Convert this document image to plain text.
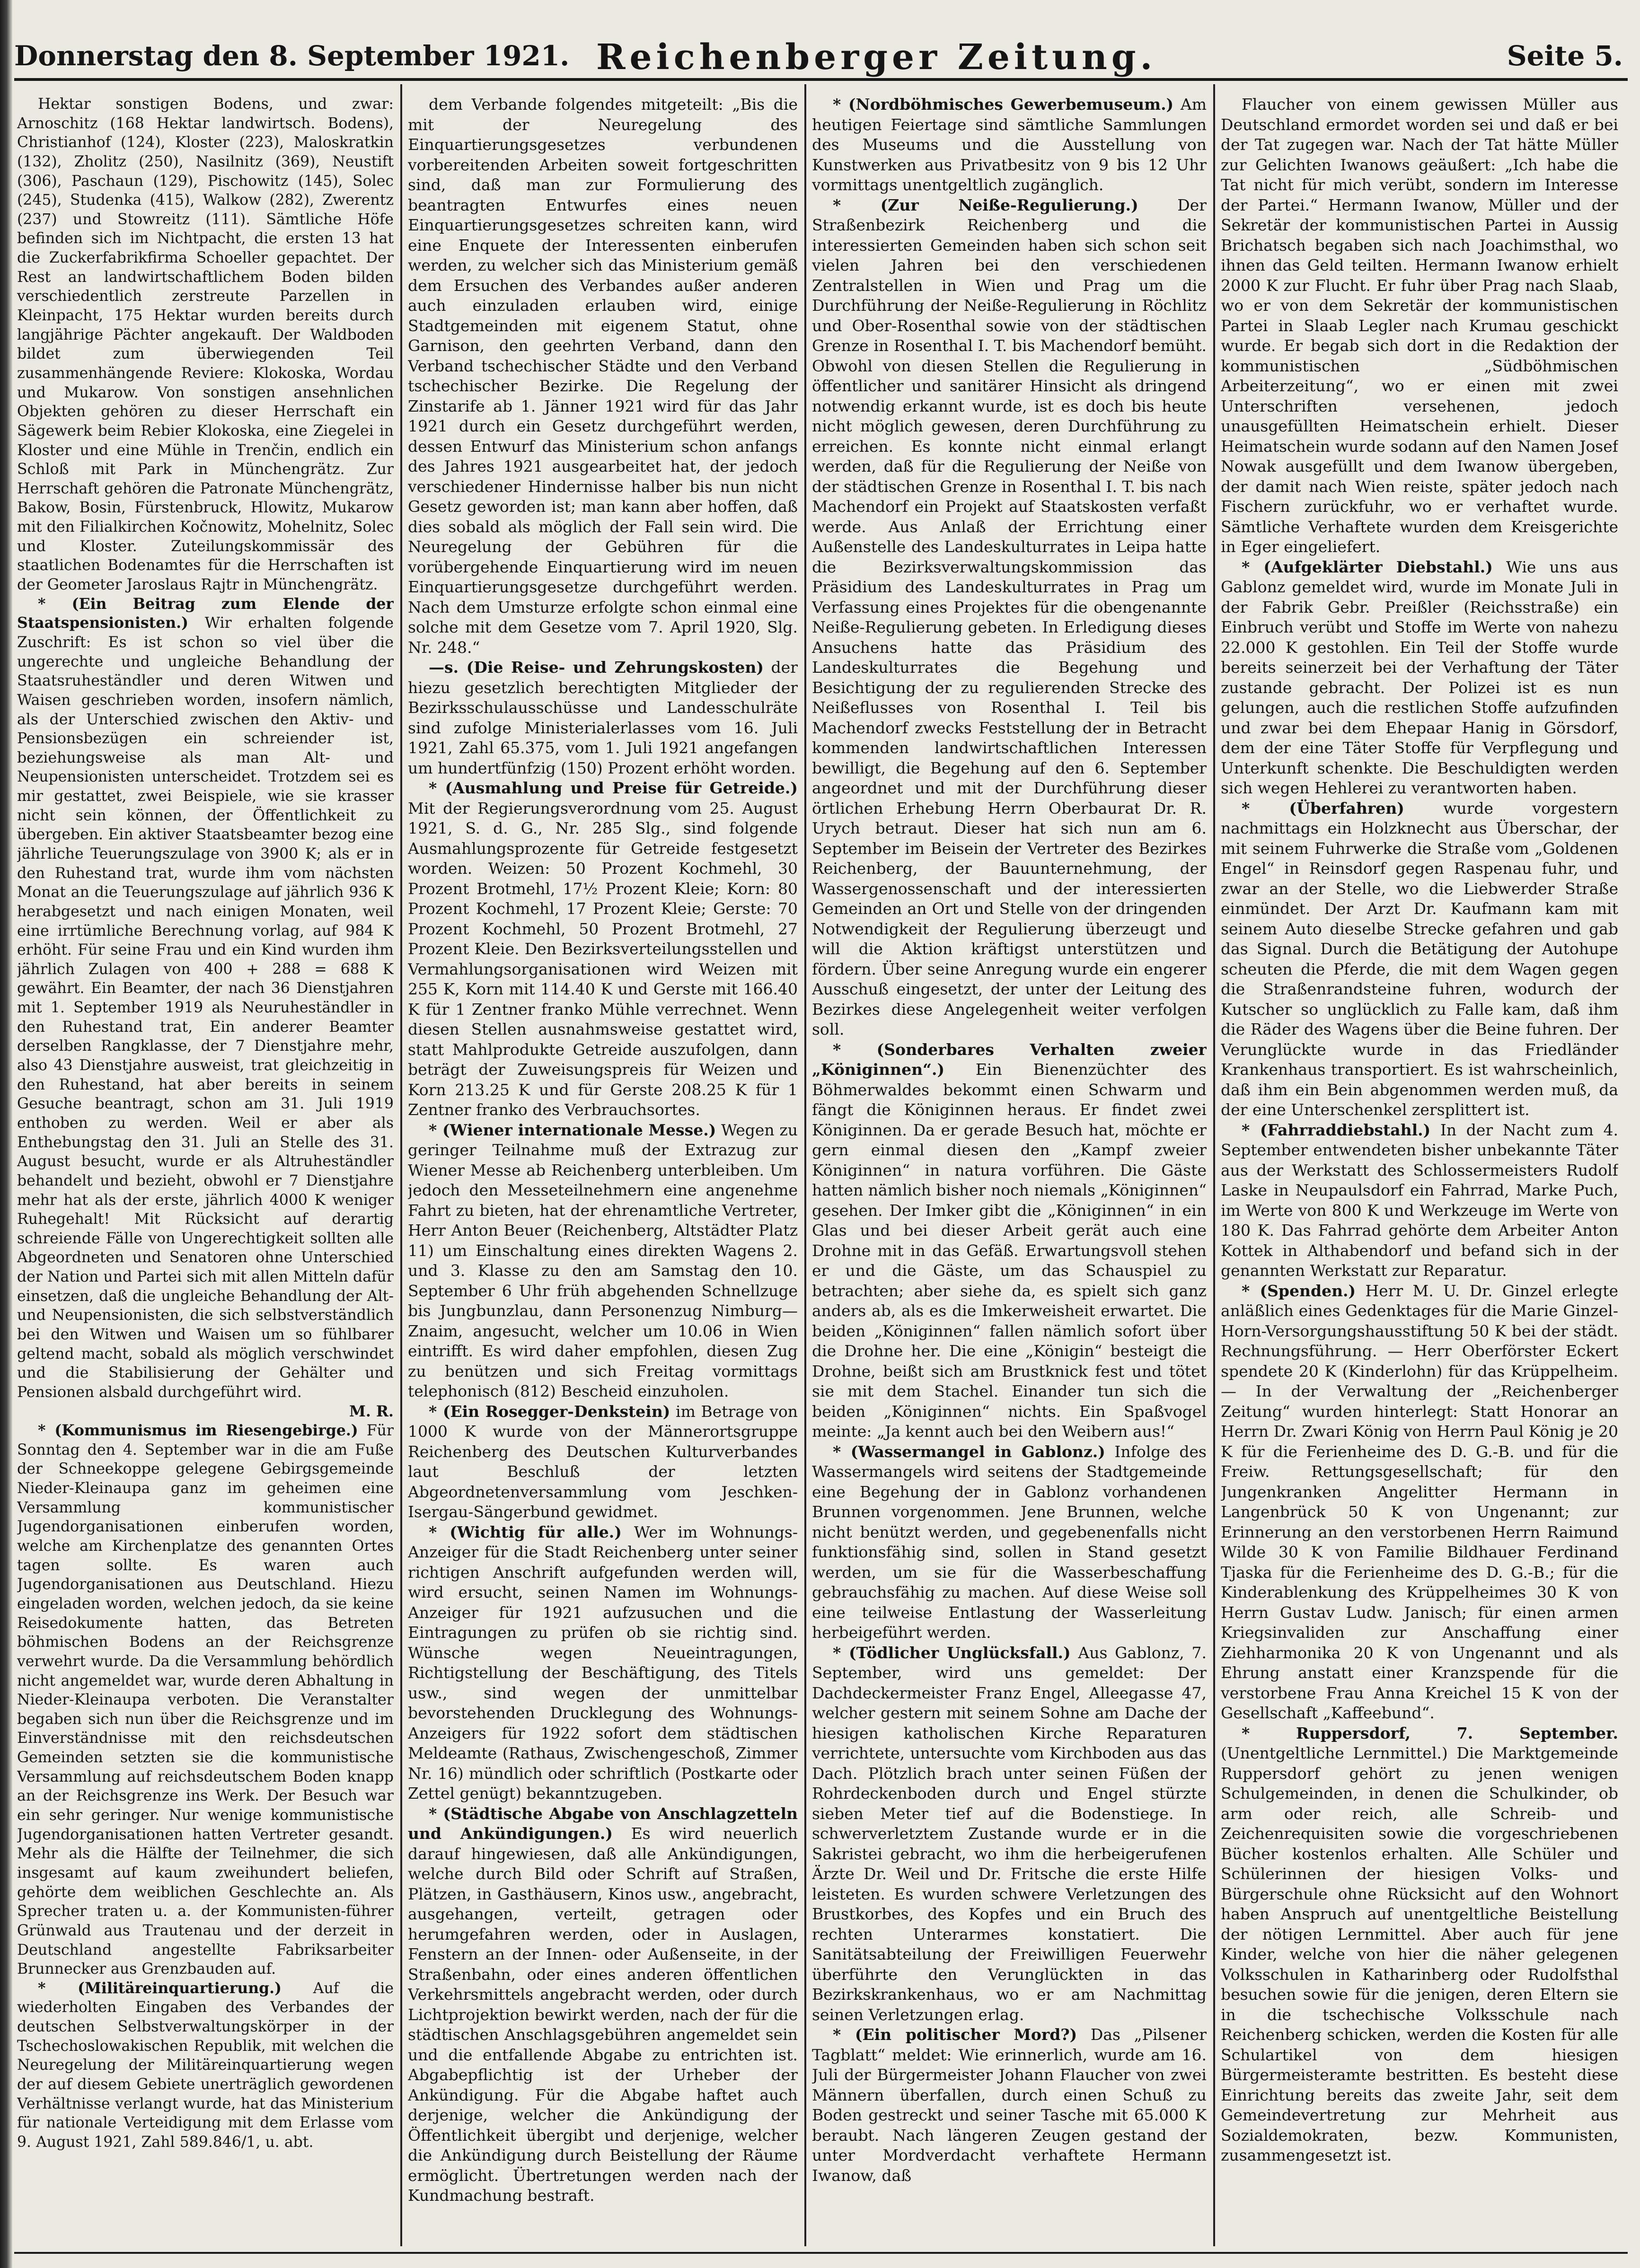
Donnerstag den 8. September 1921. Reichenberger Zeitung.	Seite 5.

Hektar sonstigen Bodens, und zwar: Arnoschitz (168 Hektar landwirtsch. Bodens), Christianhof (124), Kloster (223), Maloskratkin (132), Zholitz (250), Nasilnitz (369), Neustift (306), Paschaun (129), Pischowitz (145), Solec (245), Studenka (415), Walkow (282), Zwerentz (237) und Stowreitz (111). Sämtliche Höfe befinden sich im Nichtpacht, die ersten 13 hat die Zuckerfabrikfirma Schoeller gepachtet. Der Rest an landwirtschaftlichem Boden bilden verschiedentlich zerstreute Parzellen in Kleinpacht, 175 Hektar wurden bereits durch langjährige Pächter angekauft. Der Waldboden bildet zum überwiegenden Teil zusammenhängende Reviere: Klokoska, Wordau und Mukarow. Von sonstigen ansehnlichen Objekten gehören zu dieser Herrschaft ein Sägewerk beim Rebier Klokoska, eine Ziegelei in Kloster und eine Mühle in Trenčin, endlich ein Schloß mit Park in Münchengrätz. Zur Herrschaft gehören die Patronate Münchengrätz, Bakow, Bosin, Fürstenbruck, Hlowitz, Mukarow mit den Filialkirchen Kočnowitz, Mohelnitz, Solec und Kloster. Zuteilungskommissär des staatlichen Bodenamtes für die Herrschaften ist der Geometer Jaroslaus Rajtr in Münchengrätz.

* (Ein Beitrag zum Elende der Staatspensionisten.) Wir erhalten folgende Zuschrift: Es ist schon so viel über die ungerechte und ungleiche Behandlung der Staatsruheständler und deren Witwen und Waisen geschrieben worden, insofern nämlich, als der Unterschied zwischen den Aktiv- und Pensionsbezügen ein schreiender ist, beziehungsweise als man Alt- und Neupensionisten unterscheidet. Trotzdem sei es mir gestattet, zwei Beispiele, wie sie krasser nicht sein können, der Öffentlichkeit zu übergeben. Ein aktiver Staatsbeamter bezog eine jährliche Teuerungszulage von 3900 K; als er in den Ruhestand trat, wurde ihm vom nächsten Monat an die Teuerungszulage auf jährlich 936 K herabgesetzt und nach einigen Monaten, weil eine irrtümliche Berechnung vorlag, auf 984 K erhöht. Für seine Frau und ein Kind wurden ihm jährlich Zulagen von 400 + 288 = 688 K gewährt. Ein Beamter, der nach 36 Dienstjahren mit 1. September 1919 als Neuruheständler in den Ruhestand trat, Ein anderer Beamter derselben Rangklasse, der 7 Dienstjahre mehr, also 43 Dienstjahre ausweist, trat gleichzeitig in den Ruhestand, hat aber bereits in seinem Gesuche beantragt, schon am 31. Juli 1919 enthoben zu werden. Weil er aber als Enthebungstag den 31. Juli an Stelle des 31. August besucht, wurde er als Altruheständler behandelt und bezieht, obwohl er 7 Dienstjahre mehr hat als der erste, jährlich 4000 K weniger Ruhegehalt! Mit Rücksicht auf derartig schreiende Fälle von Ungerechtigkeit sollten alle Abgeordneten und Senatoren ohne Unterschied der Nation und Partei sich mit allen Mitteln dafür einsetzen, daß die ungleiche Behandlung der Alt- und Neupensionisten, die sich selbstverständlich bei den Witwen und Waisen um so fühlbarer geltend macht, sobald als möglich verschwindet und die Stabilisierung der Gehälter und Pensionen alsbald durchgeführt wird.

M. R.

* (Kommunismus im Riesengebirge.) Für Sonntag den 4. September war in die am Fuße der Schneekoppe gelegene Gebirgsgemeinde Nieder-Kleinaupa ganz im geheimen eine Versammlung kommunistischer Jugendorganisationen einberufen worden, welche am Kirchenplatze des genannten Ortes tagen sollte. Es waren auch Jugendorganisationen aus Deutschland. Hiezu eingeladen worden, welchen jedoch, da sie keine Reisedokumente hatten, das Betreten böhmischen Bodens an der Reichsgrenze verwehrt wurde. Da die Versammlung behördlich nicht angemeldet war, wurde deren Abhaltung in Nieder-Kleinaupa verboten. Die Veranstalter begaben sich nun über die Reichsgrenze und im Einverständnisse mit den reichsdeutschen Gemeinden setzten sie die kommunistische Versammlung auf reichsdeutschem Boden knapp an der Reichsgrenze ins Werk. Der Besuch war ein sehr geringer. Nur wenige kommunistische Jugendorganisationen hatten Vertreter gesandt. Mehr als die Hälfte der Teilnehmer, die sich insgesamt auf kaum zweihundert beliefen, gehörte dem weiblichen Geschlechte an. Als Sprecher traten u. a. der Kommunisten-führer Grünwald aus Trautenau und der derzeit in Deutschland angestellte Fabriksarbeiter Brunnecker aus Grenzbauden auf.

* (Militäreinquartierung.) Auf die wiederholten Eingaben des Verbandes der deutschen Selbstverwaltungskörper in der Tschechoslowakischen Republik, mit welchen die Neuregelung der Militäreinquartierung wegen der auf diesem Gebiete unerträglich gewordenen Verhältnisse verlangt wurde, hat das Ministerium für nationale Verteidigung mit dem Erlasse vom 9. August 1921, Zahl 589.846/1, u. abt.

dem Verbande folgendes mitgeteilt: „Bis die mit der Neuregelung des Einquartierungsgesetzes verbundenen vorbereitenden Arbeiten soweit fortgeschritten sind, daß man zur Formulierung des beantragten Entwurfes eines neuen Einquartierungsgesetzes schreiten kann, wird eine Enquete der Interessenten einberufen werden, zu welcher sich das Ministerium gemäß dem Ersuchen des Verbandes außer anderen auch einzuladen erlauben wird, einige Stadtgemeinden mit eigenem Statut, ohne Garnison, den geehrten Verband, dann den Verband tschechischer Städte und den Verband tschechischer Bezirke. Die Regelung der Zinstarife ab 1. Jänner 1921 wird für das Jahr 1921 durch ein Gesetz durchgeführt werden, dessen Entwurf das Ministerium schon anfangs des Jahres 1921 ausgearbeitet hat, der jedoch verschiedener Hindernisse halber bis nun nicht Gesetz geworden ist; man kann aber hoffen, daß dies sobald als möglich der Fall sein wird. Die Neuregelung der Gebühren für die vorübergehende Einquartierung wird im neuen Einquartierungsgesetze durchgeführt werden. Nach dem Umsturze erfolgte schon einmal eine solche mit dem Gesetze vom 7. April 1920, Slg. Nr. 248.“

—s. (Die Reise- und Zehrungskosten) der hiezu gesetzlich berechtigten Mitglieder der Bezirksschulausschüsse und Landesschulräte sind zufolge Ministerialerlasses vom 16. Juli 1921, Zahl 65.375, vom 1. Juli 1921 angefangen um hundertfünfzig (150) Prozent erhöht worden.

* (Ausmahlung und Preise für Getreide.) Mit der Regierungsverordnung vom 25. August 1921, S. d. G., Nr. 285 Slg., sind folgende Ausmahlungsprozente für Getreide festgesetzt worden. Weizen: 50 Prozent Kochmehl, 30 Prozent Brotmehl, 17½ Prozent Kleie; Korn: 80 Prozent Kochmehl, 17 Prozent Kleie; Gerste: 70 Prozent Kochmehl, 50 Prozent Brotmehl, 27 Prozent Kleie. Den Bezirksverteilungsstellen und Vermahlungsorganisationen wird Weizen mit 255 K, Korn mit 114.40 K und Gerste mit 166.40 K für 1 Zentner franko Mühle verrechnet. Wenn diesen Stellen ausnahmsweise gestattet wird, statt Mahlprodukte Getreide auszufolgen, dann beträgt der Zuweisungspreis für Weizen und Korn 213.25 K und für Gerste 208.25 K für 1 Zentner franko des Verbrauchsortes.

* (Wiener internationale Messe.) Wegen zu geringer Teilnahme muß der Extrazug zur Wiener Messe ab Reichenberg unterbleiben. Um jedoch den Messeteilnehmern eine angenehme Fahrt zu bieten, hat der ehrenamtliche Vertreter, Herr Anton Beuer (Reichenberg, Altstädter Platz 11) um Einschaltung eines direkten Wagens 2. und 3. Klasse zu den am Samstag den 10. September 6 Uhr früh abgehenden Schnellzuge bis Jungbunzlau, dann Personenzug Nimburg—Znaim, angesucht, welcher um 10.06 in Wien eintrifft. Es wird daher empfohlen, diesen Zug zu benützen und sich Freitag vormittags telephonisch (812) Bescheid einzuholen.

* (Ein Rosegger-Denkstein) im Betrage von 1000 K wurde von der Männerortsgruppe Reichenberg des Deutschen Kulturverbandes laut Beschluß der letzten Abgeordnetenversammlung vom Jeschken-Isergau-Sängerbund gewidmet.

* (Wichtig für alle.) Wer im Wohnungs-Anzeiger für die Stadt Reichenberg unter seiner richtigen Anschrift aufgefunden werden will, wird ersucht, seinen Namen im Wohnungs-Anzeiger für 1921 aufzusuchen und die Eintragungen zu prüfen ob sie richtig sind. Wünsche wegen Neueintragungen, Richtigstellung der Beschäftigung, des Titels usw., sind wegen der unmittelbar bevorstehenden Drucklegung des Wohnungs-Anzeigers für 1922 sofort dem städtischen Meldeamte (Rathaus, Zwischengeschoß, Zimmer Nr. 16) mündlich oder schriftlich (Postkarte oder Zettel genügt) bekanntzugeben.

* (Städtische Abgabe von Anschlagzetteln und Ankündigungen.) Es wird neuerlich darauf hingewiesen, daß alle Ankündigungen, welche durch Bild oder Schrift auf Straßen, Plätzen, in Gasthäusern, Kinos usw., angebracht, ausgehangen, verteilt, getragen oder herumgefahren werden, oder in Auslagen, Fenstern an der Innen- oder Außenseite, in der Straßenbahn, oder eines anderen öffentlichen Verkehrsmittels angebracht werden, oder durch Lichtprojektion bewirkt werden, nach der für die städtischen Anschlagsgebühren angemeldet sein und die entfallende Abgabe zu entrichten ist. Abgabepflichtig ist der Urheber der Ankündigung. Für die Abgabe haftet auch derjenige, welcher die Ankündigung der Öffentlichkeit übergibt und derjenige, welcher die Ankündigung durch Beistellung der Räume ermöglicht. Übertretungen werden nach der Kundmachung bestraft.

* (Nordböhmisches Gewerbemuseum.) Am heutigen Feiertage sind sämtliche Sammlungen des Museums und die Ausstellung von Kunstwerken aus Privatbesitz von 9 bis 12 Uhr vormittags unentgeltlich zugänglich.

* (Zur Neiße-Regulierung.) Der Straßenbezirk Reichenberg und die interessierten Gemeinden haben sich schon seit vielen Jahren bei den verschiedenen Zentralstellen in Wien und Prag um die Durchführung der Neiße-Regulierung in Röchlitz und Ober-Rosenthal sowie von der städtischen Grenze in Rosenthal I. T. bis Machendorf bemüht. Obwohl von diesen Stellen die Regulierung in öffentlicher und sanitärer Hinsicht als dringend notwendig erkannt wurde, ist es doch bis heute nicht möglich gewesen, deren Durchführung zu erreichen. Es konnte nicht einmal erlangt werden, daß für die Regulierung der Neiße von der städtischen Grenze in Rosenthal I. T. bis nach Machendorf ein Projekt auf Staatskosten verfaßt werde. Aus Anlaß der Errichtung einer Außenstelle des Landeskulturrates in Leipa hatte die Bezirksverwaltungskommission das Präsidium des Landeskulturrates in Prag um Verfassung eines Projektes für die obengenannte Neiße-Regulierung gebeten. In Erledigung dieses Ansuchens hatte das Präsidium des Landeskulturrates die Begehung und Besichtigung der zu regulierenden Strecke des Neißeflusses von Rosenthal I. Teil bis Machendorf zwecks Feststellung der in Betracht kommenden landwirtschaftlichen Interessen bewilligt, die Begehung auf den 6. September angeordnet und mit der Durchführung dieser örtlichen Erhebung Herrn Oberbaurat Dr. R. Urych betraut. Dieser hat sich nun am 6. September im Beisein der Vertreter des Bezirkes Reichenberg, der Bauunternehmung, der Wassergenossenschaft und der interessierten Gemeinden an Ort und Stelle von der dringenden Notwendigkeit der Regulierung überzeugt und will die Aktion kräftigst unterstützen und fördern. Über seine Anregung wurde ein engerer Ausschuß eingesetzt, der unter der Leitung des Bezirkes diese Angelegenheit weiter verfolgen soll.

* (Sonderbares Verhalten zweier „Königinnen“.) Ein Bienenzüchter des Böhmerwaldes bekommt einen Schwarm und fängt die Königinnen heraus. Er findet zwei Königinnen. Da er gerade Besuch hat, möchte er gern einmal diesen den „Kampf zweier Königinnen“ in natura vorführen. Die Gäste hatten nämlich bisher noch niemals „Königinnen“ gesehen. Der Imker gibt die „Königinnen“ in ein Glas und bei dieser Arbeit gerät auch eine Drohne mit in das Gefäß. Erwartungsvoll stehen er und die Gäste, um das Schauspiel zu betrachten; aber siehe da, es spielt sich ganz anders ab, als es die Imkerweisheit erwartet. Die beiden „Königinnen“ fallen nämlich sofort über die Drohne her. Die eine „Königin“ besteigt die Drohne, beißt sich am Brustknick fest und tötet sie mit dem Stachel. Einander tun sich die beiden „Königinnen“ nichts. Ein Spaßvogel meinte: „Ja kennt auch bei den Weibern aus!“

* (Wassermangel in Gablonz.) Infolge des Wassermangels wird seitens der Stadtgemeinde eine Begehung der in Gablonz vorhandenen Brunnen vorgenommen. Jene Brunnen, welche nicht benützt werden, und gegebenenfalls nicht funktionsfähig sind, sollen in Stand gesetzt werden, um sie für die Wasserbeschaffung gebrauchsfähig zu machen. Auf diese Weise soll eine teilweise Entlastung der Wasserleitung herbeigeführt werden.

* (Tödlicher Unglücksfall.) Aus Gablonz, 7. September, wird uns gemeldet: Der Dachdeckermeister Franz Engel, Alleegasse 47, welcher gestern mit seinem Sohne am Dache der hiesigen katholischen Kirche Reparaturen verrichtete, untersuchte vom Kirchboden aus das Dach. Plötzlich brach unter seinen Füßen der Rohrdeckenboden durch und Engel stürzte sieben Meter tief auf die Bodenstiege. In schwerverletztem Zustande wurde er in die Sakristei gebracht, wo ihm die herbeigerufenen Ärzte Dr. Weil und Dr. Fritsche die erste Hilfe leisteten. Es wurden schwere Verletzungen des Brustkorbes, des Kopfes und ein Bruch des rechten Unterarmes konstatiert. Die Sanitätsabteilung der Freiwilligen Feuerwehr überführte den Verunglückten in das Bezirkskrankenhaus, wo er am Nachmittag seinen Verletzungen erlag.

* (Ein politischer Mord?) Das „Pilsener Tagblatt“ meldet: Wie erinnerlich, wurde am 16. Juli der Bürgermeister Johann Flaucher von zwei Männern überfallen, durch einen Schuß zu Boden gestreckt und seiner Tasche mit 65.000 K beraubt. Nach längeren Zeugen gestand der unter Mordverdacht verhaftete Hermann Iwanow, daß

Flaucher von einem gewissen Müller aus Deutschland ermordet worden sei und daß er bei der Tat zugegen war. Nach der Tat hätte Müller zur Gelichten Iwanows geäußert: „Ich habe die Tat nicht für mich verübt, sondern im Interesse der Partei.“ Hermann Iwanow, Müller und der Sekretär der kommunistischen Partei in Aussig Brichatsch begaben sich nach Joachimsthal, wo ihnen das Geld teilten. Hermann Iwanow erhielt 2000 K zur Flucht. Er fuhr über Prag nach Slaab, wo er von dem Sekretär der kommunistischen Partei in Slaab Legler nach Krumau geschickt wurde. Er begab sich dort in die Redaktion der kommunistischen „Südböhmischen Arbeiterzeitung“, wo er einen mit zwei Unterschriften versehenen, jedoch unausgefüllten Heimatschein erhielt. Dieser Heimatschein wurde sodann auf den Namen Josef Nowak ausgefüllt und dem Iwanow übergeben, der damit nach Wien reiste, später jedoch nach Fischern zurückfuhr, wo er verhaftet wurde. Sämtliche Verhaftete wurden dem Kreisgerichte in Eger eingeliefert.

* (Aufgeklärter Diebstahl.) Wie uns aus Gablonz gemeldet wird, wurde im Monate Juli in der Fabrik Gebr. Preißler (Reichsstraße) ein Einbruch verübt und Stoffe im Werte von nahezu 22.000 K gestohlen. Ein Teil der Stoffe wurde bereits seinerzeit bei der Verhaftung der Täter zustande gebracht. Der Polizei ist es nun gelungen, auch die restlichen Stoffe aufzufinden und zwar bei dem Ehepaar Hanig in Görsdorf, dem der eine Täter Stoffe für Verpflegung und Unterkunft schenkte. Die Beschuldigten werden sich wegen Hehlerei zu verantworten haben.

* (Überfahren) wurde vorgestern nachmittags ein Holzknecht aus Überschar, der mit seinem Fuhrwerke die Straße vom „Goldenen Engel“ in Reinsdorf gegen Raspenau fuhr, und zwar an der Stelle, wo die Liebwerder Straße einmündet. Der Arzt Dr. Kaufmann kam mit seinem Auto dieselbe Strecke gefahren und gab das Signal. Durch die Betätigung der Autohupe scheuten die Pferde, die mit dem Wagen gegen die Straßenrandsteine fuhren, wodurch der Kutscher so unglücklich zu Falle kam, daß ihm die Räder des Wagens über die Beine fuhren. Der Verunglückte wurde in das Friedländer Krankenhaus transportiert. Es ist wahrscheinlich, daß ihm ein Bein abgenommen werden muß, da der eine Unterschenkel zersplittert ist.

* (Fahrraddiebstahl.) In der Nacht zum 4. September entwendeten bisher unbekannte Täter aus der Werkstatt des Schlossermeisters Rudolf Laske in Neupaulsdorf ein Fahrrad, Marke Puch, im Werte von 800 K und Werkzeuge im Werte von 180 K. Das Fahrrad gehörte dem Arbeiter Anton Kottek in Althabendorf und befand sich in der genannten Werkstatt zur Reparatur.

* (Spenden.) Herr M. U. Dr. Ginzel erlegte anläßlich eines Gedenktages für die Marie Ginzel-Horn-Versorgungshausstiftung 50 K bei der städt. Rechnungsführung. — Herr Oberförster Eckert spendete 20 K (Kinderlohn) für das Krüppelheim. — In der Verwaltung der „Reichenberger Zeitung“ wurden hinterlegt: Statt Honorar an Herrn Dr. Zwari König von Herrn Paul König je 20 K für die Ferienheime des D. G.-B. und für die Freiw. Rettungsgesellschaft; für den Jungenkranken Angelitter Hermann in Langenbrück 50 K von Ungenannt; zur Erinnerung an den verstorbenen Herrn Raimund Wilde 30 K von Familie Bildhauer Ferdinand Tjaska für die Ferienheime des D. G.-B.; für die Kinderablenkung des Krüppelheimes 30 K von Herrn Gustav Ludw. Janisch; für einen armen Kriegsinvaliden zur Anschaffung einer Ziehharmonika 20 K von Ungenannt und als Ehrung anstatt einer Kranzspende für die verstorbene Frau Anna Kreichel 15 K von der Gesellschaft „Kaffeebund“.

* Ruppersdorf, 7. September. (Unentgeltliche Lernmittel.) Die Marktgemeinde Ruppersdorf gehört zu jenen wenigen Schulgemeinden, in denen die Schulkinder, ob arm oder reich, alle Schreib- und Zeichenrequisiten sowie die vorgeschriebenen Bücher kostenlos erhalten. Alle Schüler und Schülerinnen der hiesigen Volks- und Bürgerschule ohne Rücksicht auf den Wohnort haben Anspruch auf unentgeltliche Beistellung der nötigen Lernmittel. Aber auch für jene Kinder, welche von hier die näher gelegenen Volksschulen in Katharinberg oder Rudolfsthal besuchen sowie für die jenigen, deren Eltern sie in die tschechische Volksschule nach Reichenberg schicken, werden die Kosten für alle Schulartikel von dem hiesigen Bürgermeisteramte bestritten. Es besteht diese Einrichtung bereits das zweite Jahr, seit dem Gemeindevertretung zur Mehrheit aus Sozialdemokraten, bezw. Kommunisten, zusammengesetzt ist.
